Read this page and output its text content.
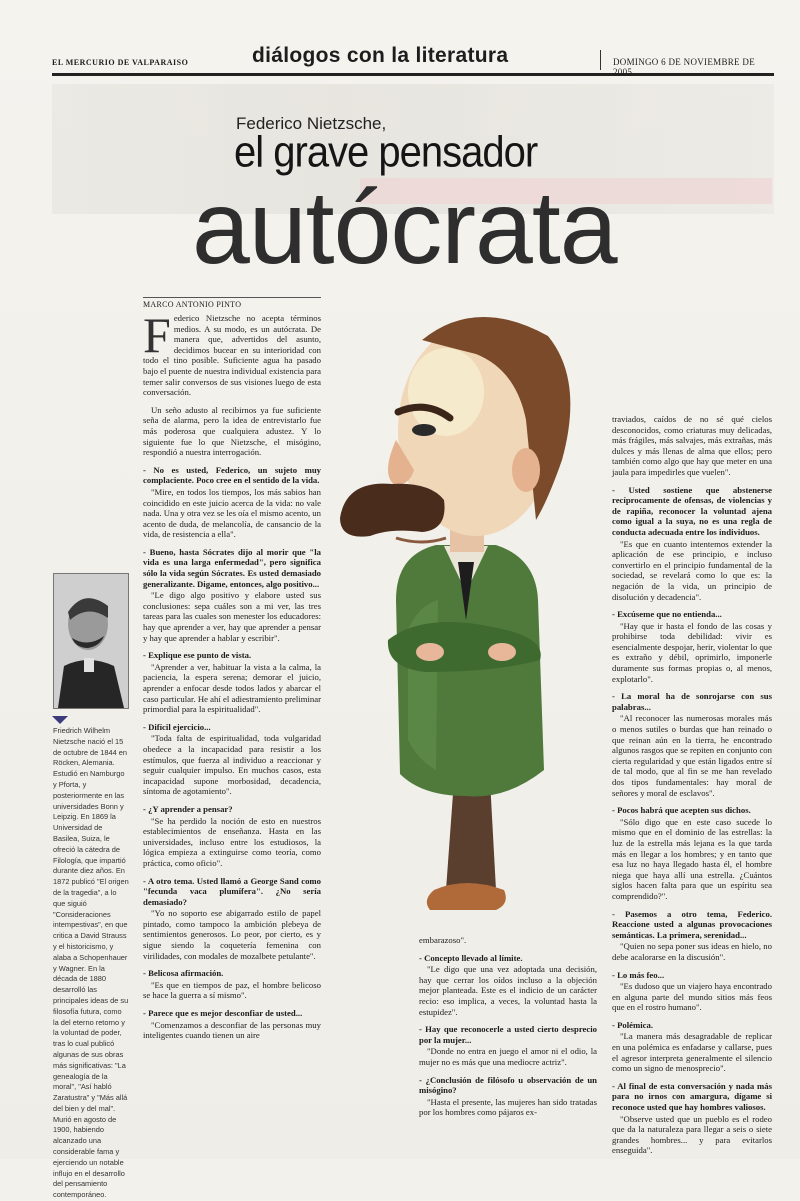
EL MERCURIO DE VALPARAISO	diálogos con la literatura	DOMINGO 6 DE NOVIEMBRE DE 2005
Federico Nietzsche,
el grave pensador
autócrata
MARCO ANTONIO PINTO

Federico Nietzsche no acepta términos medios. A su modo, es un autócrata. De manera que, advertidos del asunto, decidimos bucear en su interioridad con todo el tino posible. Suficiente agua ha pasado bajo el puente de nuestra individual existencia para temer salir conversos de sus visiones luego de esta conversación.

Un seño adusto al recibirnos ya fue suficiente seña de alarma, pero la idea de entrevistarlo fue más poderosa que cualquiera adustez. Y lo siguiente fue lo que Nietzsche, el misógino, respondió a nuestra interrogación.

- No es usted, Federico, un sujeto muy complaciente. Poco cree en el sentido de la vida.

"Mire, en todos los tiempos, los más sabios han coincidido en este juicio acerca de la vida: no vale nada. Una y otra vez se les oía el mismo acento, un acento de duda, de melancolía, de cansancio de la vida, de resistencia a ella".

- Bueno, hasta Sócrates dijo al morir que "la vida es una larga enfermedad", pero significa sólo la vida según Sócrates. Es usted demasiado generalizante. Digame, entonces, algo positivo...

"Le digo algo positivo y elabore usted sus conclusiones: sepa cuáles son a mi ver, las tres tareas para las cuales son menester los educadores: hay que aprender a ver, hay que aprender a pensar y hay que aprender a hablar y escribir".

- Explique ese punto de vista.

"Aprender a ver, habituar la vista a la calma, la paciencia, la espera serena; demorar el juicio, aprender a enfocar desde todos lados y abarcar el caso particular. He ahí el adiestramiento preliminar primordial para la espiritualidad".

- Difícil ejercicio...

"Toda falta de espiritualidad, toda vulgaridad obedece a la incapacidad para resistir a los estímulos, que fuerza al individuo a reaccionar y seguir cualquier impulso. En muchos casos, esta incapacidad supone morbosidad, decadencia, síntoma de agotamiento".

- ¿Y aprender a pensar?

"Se ha perdido la noción de esto en nuestros establecimientos de enseñanza. Hasta en las universidades, incluso entre los estudiosos, la lógica empieza a extinguirse como teoría, como práctica, como oficio".

- A otro tema. Usted llamó a George Sand como "fecunda vaca plumífera". ¿No sería demasiado?

"Yo no soporto ese abigarrado estilo de papel pintado, como tampoco la ambición plebeya de sentimientos generosos. Lo peor, por cierto, es y sigue siendo la coquetería femenina con virilidades, con modales de mozalbete petulante".

- Belicosa afirmación.

"Es que en tiempos de paz, el hombre belicoso se hace la guerra a sí mismo".

- Parece que es mejor desconfiar de usted...

"Comenzamos a desconfiar de las personas muy inteligentes cuando tienen un aire

Friedrich Wilhelm Nietzsche nació el 15 de octubre de 1844 en Röcken, Alemania. Estudió en Namburgo y Pforta, y posteriormente en las universidades Bonn y Leipzig. En 1869 la Universidad de Basilea, Suiza, le ofreció la cátedra de Filología, que impartió durante diez años. En 1872 publicó "El origen de la tragedia", a lo que siguió "Consideraciones intempestivas", en que critica a David Strauss y el historicismo, y alaba a Schopenhauer y Wagner. En la década de 1880 desarrolló las principales ideas de su filosofía futura, como la del eterno retorno y la voluntad de poder, tras lo cual publicó algunas de sus obras más significativas: "La genealogía de la moral", "Así habló Zaratustra" y "Más allá del bien y del mal". Murió en agosto de 1900, habiendo alcanzado una considerable fama y ejerciendo un notable influjo en el desarrollo del pensamiento contemporáneo.

traviados, caídos de no sé qué cielos desconocidos, como criaturas muy delicadas, más frágiles, más salvajes, más extrañas, más dulces y más llenas de alma que ellos; pero también como algo que hay que meter en una jaula para impedirles que vuelen".

- Usted sostiene que abstenerse recíprocamente de ofensas, de violencias y de rapiña, reconocer la voluntad ajena como igual a la suya, no es una regla de conducta adecuada entre los individuos.

"Es que en cuanto intentemos extender la aplicación de ese principio, e incluso convertirlo en el principio fundamental de la sociedad, se revelará como lo que es: la negación de la vida, un principio de disolución y decadencia".

- Excúseme que no entienda...

"Hay que ir hasta el fondo de las cosas y prohibirse toda debilidad: vivir es esencialmente despojar, herir, violentar lo que es extraño y débil, oprimirlo, imponerle duramente sus formas propias o, al menos, explotarlo".

- La moral ha de sonrojarse con sus palabras...

"Al reconocer las numerosas morales más o menos sutiles o burdas que han reinado o que reinan aún en la tierra, he encontrado algunos rasgos que se repiten en conjunto con cierta regularidad y que están ligados entre sí de tal modo, que al fin se me han revelado dos tipos fundamentales: hay moral de señores y moral de esclavos".

- Pocos habrá que acepten sus dichos.

"Sólo digo que en este caso sucede lo mismo que en el dominio de las estrellas: la luz de la estrella más lejana es la que tarda más en llegar a los hombres; y en tanto que esa luz no haya llegado hasta él, el hombre niega que haya allí una estrella. ¿Cuántos siglos hacen falta para que un espíritu sea comprendido?".

- Pasemos a otro tema, Federico. Reaccione usted a algunas provocaciones semánticas. La primera, serenidad...

"Quien no sepa poner sus ideas en hielo, no debe acalorarse en la discusión".

- Lo más feo...

"Es dudoso que un viajero haya encontrado en alguna parte del mundo sitios más feos que en el rostro humano".

- Polémica.

"La manera más desagradable de replicar en una polémica es enfadarse y callarse, pues el agresor interpreta generalmente el silencio como un signo de menosprecio".

- Al final de esta conversación y nada más para no irnos con amargura, dígame si reconoce usted que hay hombres valiosos.

"Observe usted que un pueblo es el rodeo que da la naturaleza para llegar a seis o siete grandes hombres... y para evitarlos enseguida".

embarazoso".

- Concepto llevado al límite.

"Le digo que una vez adoptada una decisión, hay que cerrar los oídos incluso a la objeción mejor planteada. Este es el indicio de un carácter recio: eso implica, a veces, la voluntad hasta la estupidez".

- Hay que reconocerle a usted cierto desprecio por la mujer...

"Donde no entra en juego el amor ni el odio, la mujer no es más que una mediocre actriz".

- ¿Conclusión de filósofo u observación de un misógino?

"Hasta el presente, las mujeres han sido tratadas por los hombres como pájaros ex-
